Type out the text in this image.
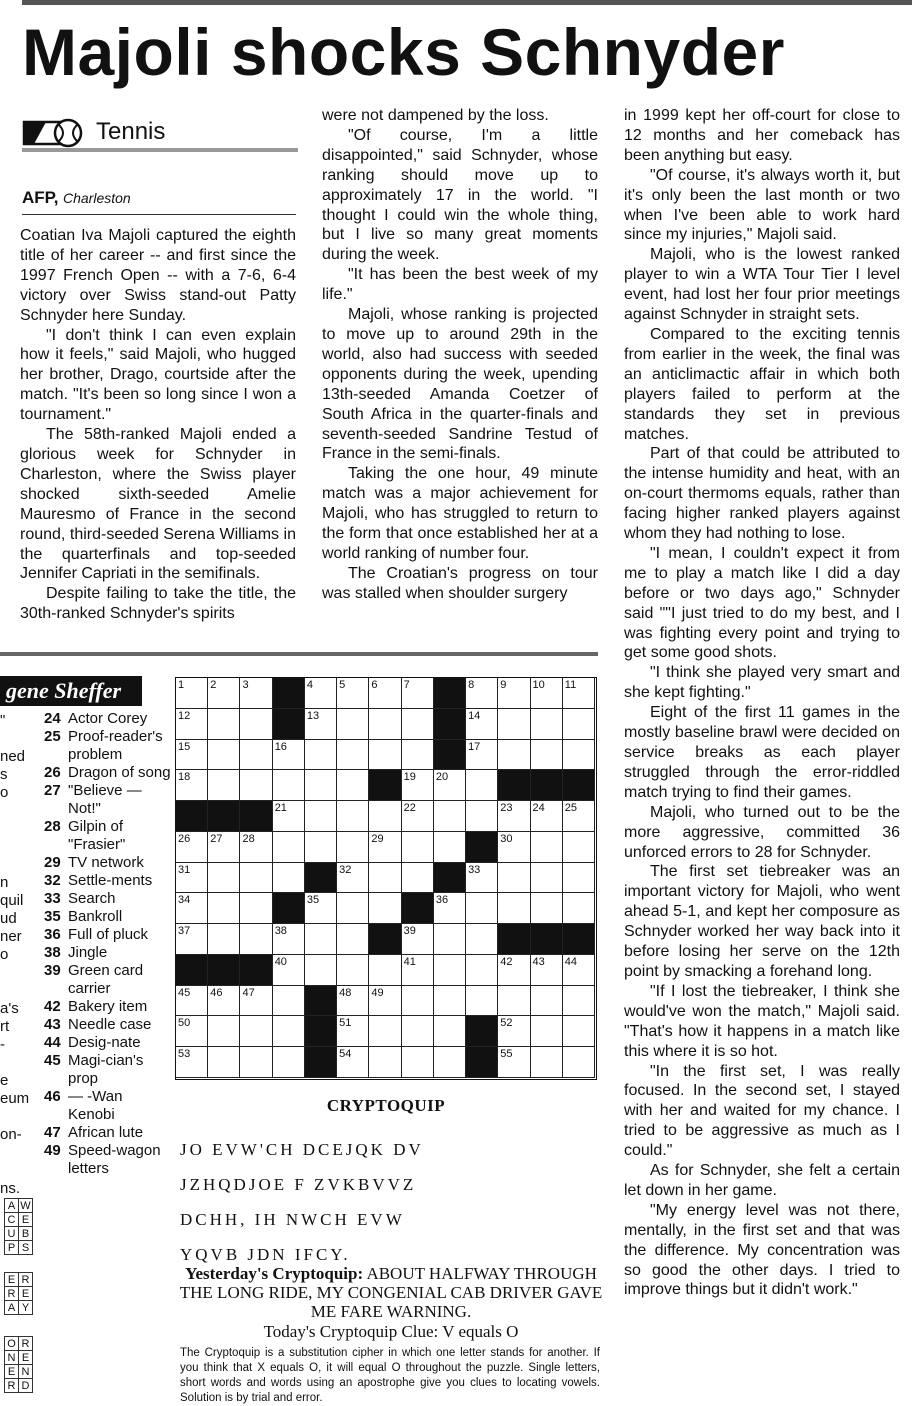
Majoli shocks Schnyder
Tennis
AFP, Charleston

Coatian Iva Majoli captured the eighth title of her career -- and first since the 1997 French Open -- with a 7-6, 6-4 victory over Swiss stand-out Patty Schnyder here Sunday.

"I don't think I can even explain how it feels," said Majoli, who hugged her brother, Drago, courtside after the match. "It's been so long since I won a tournament."

The 58th-ranked Majoli ended a glorious week for Schnyder in Charleston, where the Swiss player shocked sixth-seeded Amelie Mauresmo of France in the second round, third-seeded Serena Williams in the quarterfinals and top-seeded Jennifer Capriati in the semifinals.

Despite failing to take the title, the 30th-ranked Schnyder's spirits

were not dampened by the loss.

"Of course, I'm a little disappointed," said Schnyder, whose ranking should move up to approximately 17 in the world. "I thought I could win the whole thing, but I live so many great moments during the week.

"It has been the best week of my life."

Majoli, whose ranking is projected to move up to around 29th in the world, also had success with seeded opponents during the week, upending 13th-seeded Amanda Coetzer of South Africa in the quarter-finals and seventh-seeded Sandrine Testud of France in the semi-finals.

Taking the one hour, 49 minute match was a major achievement for Majoli, who has struggled to return to the form that once established her at a world ranking of number four.

The Croatian's progress on tour was stalled when shoulder surgery

in 1999 kept her off-court for close to 12 months and her comeback has been anything but easy.

"Of course, it's always worth it, but it's only been the last month or two when I've been able to work hard since my injuries," Majoli said.

Majoli, who is the lowest ranked player to win a WTA Tour Tier I level event, had lost her four prior meetings against Schnyder in straight sets.

Compared to the exciting tennis from earlier in the week, the final was an anticlimactic affair in which both players failed to perform at the standards they set in previous matches.

Part of that could be attributed to the intense humidity and heat, with an on-court thermoms equals, rather than facing higher ranked players against whom they had nothing to lose.

"I mean, I couldn't expect it from me to play a match like I did a day before or two days ago," Schnyder said ""I just tried to do my best, and I was fighting every point and trying to get some good shots.

"I think she played very smart and she kept fighting."

Eight of the first 11 games in the mostly baseline brawl were decided on service breaks as each player struggled through the error-riddled match trying to find their games.

Majoli, who turned out to be the more aggressive, committed 36 unforced errors to 28 for Schnyder.

The first set tiebreaker was an important victory for Majoli, who went ahead 5-1, and kept her composure as Schnyder worked her way back into it before losing her serve on the 12th point by smacking a forehand long.

"If I lost the tiebreaker, I think she would've won the match," Majoli said. "That's how it happens in a match like this where it is so hot.

"In the first set, I was really focused. In the second set, I stayed with her and waited for my chance. I tried to be aggressive as much as I could."

As for Schnyder, she felt a certain let down in her game.

"My energy level was not there, mentally, in the first set and that was the difference. My concentration was so good the other days. I tried to improve things but it didn't work."

gene Sheffer
"
ned
s
o
n
quil
ud
ner
o
a's
rt
-
e
eum
on-
ns.
24 Actor Corey
25 Proof-reader's problem
26 Dragon of song
27 "Believe — Not!"
28 Gilpin of "Frasier"
29 TV network
32 Settle-ments
33 Search
35 Bankroll
36 Full of pluck
38 Jingle
39 Green card carrier
42 Bakery item
43 Needle case
44 Desig-nate
45 Magi-cian's prop
46 — -Wan Kenobi
47 African lute
49 Speed-wagon letters
A	W
C	E
U	B
P	S
E	R
R	E
A	Y
O	R
N	E
E	N
R	D
1 2 3	4 5 6 7	8 9 10 11
12	13	14
15	16	17
18	19 20
21	22	23 24 25
26 27 28	29	30
31	32	33
34	35	36
37	38	39
40	41	42 43 44
45 46 47	48 49
50	51	52
53	54	55
CRYPTOQUIP
JO EVW'CH DCEJQK DV
JZHQDJOE F ZVKBVVZ
DCHH, IH NWCH EVW
YQVB JDN IFCY.
Yesterday's Cryptoquip: ABOUT HALFWAY THROUGH THE LONG RIDE, MY CONGENIAL CAB DRIVER GAVE ME FARE WARNING.
Today's Cryptoquip Clue: V equals O
The Cryptoquip is a substitution cipher in which one letter stands for another. If you think that X equals O, it will equal O throughout the puzzle. Single letters, short words and words using an apostrophe give you clues to locating vowels. Solution is by trial and error.
